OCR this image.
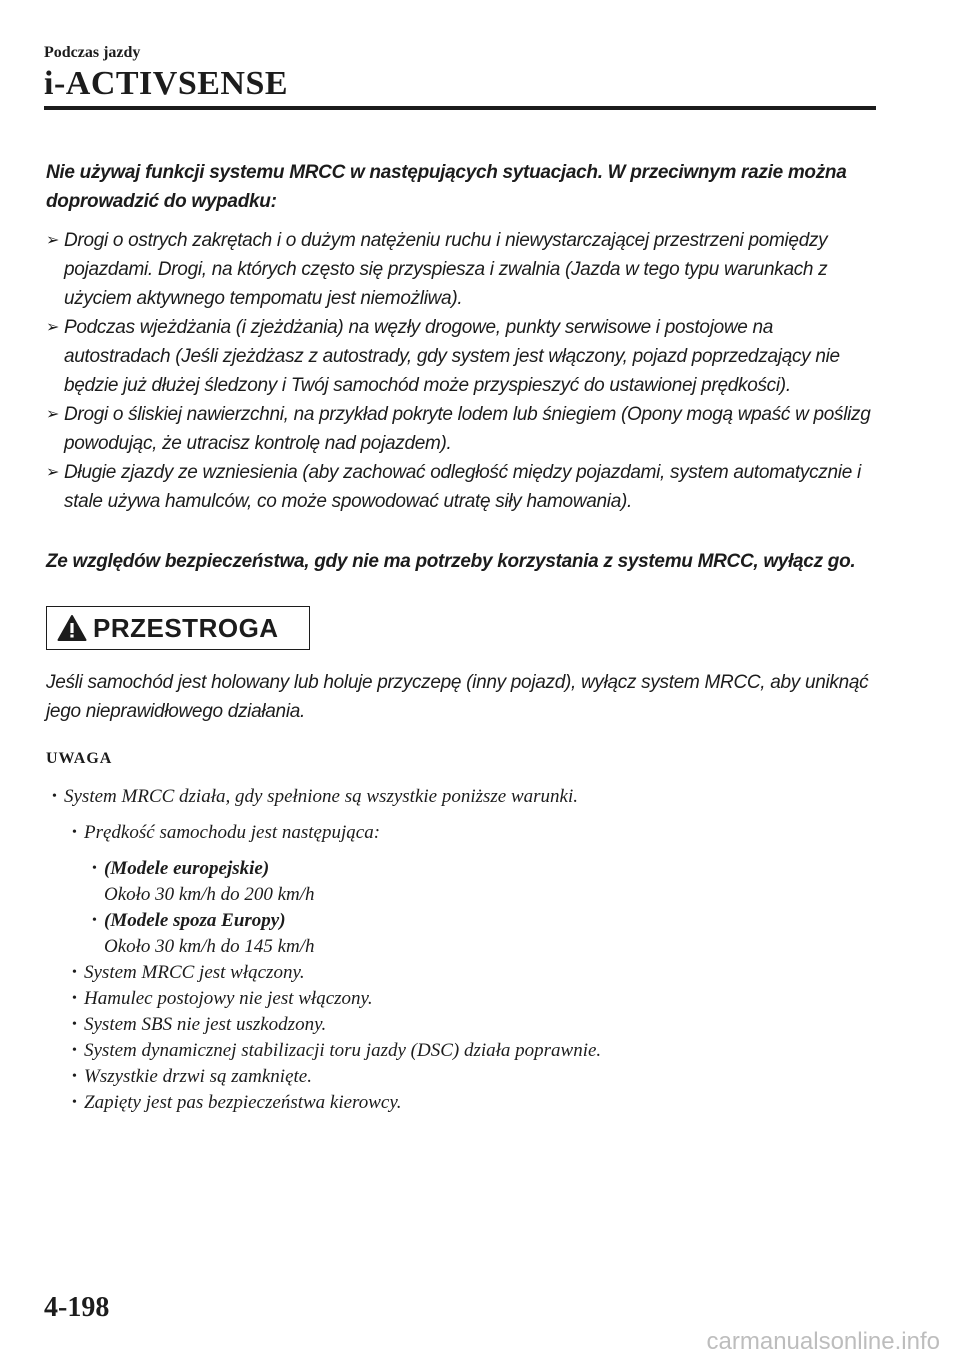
Podczas jazdy
i-ACTIVSENSE
Nie używaj funkcji systemu MRCC w następujących sytuacjach. W przeciwnym razie można doprowadzić do wypadku:
➢ Drogi o ostrych zakrętach i o dużym natężeniu ruchu i niewystarczającej przestrzeni pomiędzy pojazdami. Drogi, na których często się przyspiesza i zwalnia (Jazda w tego typu warunkach z użyciem aktywnego tempomatu jest niemożliwa).
➢ Podczas wjeżdżania (i zjeżdżania) na węzły drogowe, punkty serwisowe i postojowe na autostradach (Jeśli zjeżdżasz z autostrady, gdy system jest włączony, pojazd poprzedzający nie będzie już dłużej śledzony i Twój samochód może przyspieszyć do ustawionej prędkości).
➢ Drogi o śliskiej nawierzchni, na przykład pokryte lodem lub śniegiem (Opony mogą wpaść w poślizg powodując, że utracisz kontrolę nad pojazdem).
➢ Długie zjazdy ze wzniesienia (aby zachować odległość między pojazdami, system automatycznie i stale używa hamulców, co może spowodować utratę siły hamowania).
Ze względów bezpieczeństwa, gdy nie ma potrzeby korzystania z systemu MRCC, wyłącz go.
PRZESTROGA
Jeśli samochód jest holowany lub holuje przyczepę (inny pojazd), wyłącz system MRCC, aby uniknąć jego nieprawidłowego działania.
UWAGA
• System MRCC działa, gdy spełnione są wszystkie poniższe warunki.
• Prędkość samochodu jest następująca:
• (Modele europejskie)
Około 30 km/h do 200 km/h
• (Modele spoza Europy)
Około 30 km/h do 145 km/h
• System MRCC jest włączony.
• Hamulec postojowy nie jest włączony.
• System SBS nie jest uszkodzony.
• System dynamicznej stabilizacji toru jazdy (DSC) działa poprawnie.
• Wszystkie drzwi są zamknięte.
• Zapięty jest pas bezpieczeństwa kierowcy.
4-198
carmanualsonline.info
